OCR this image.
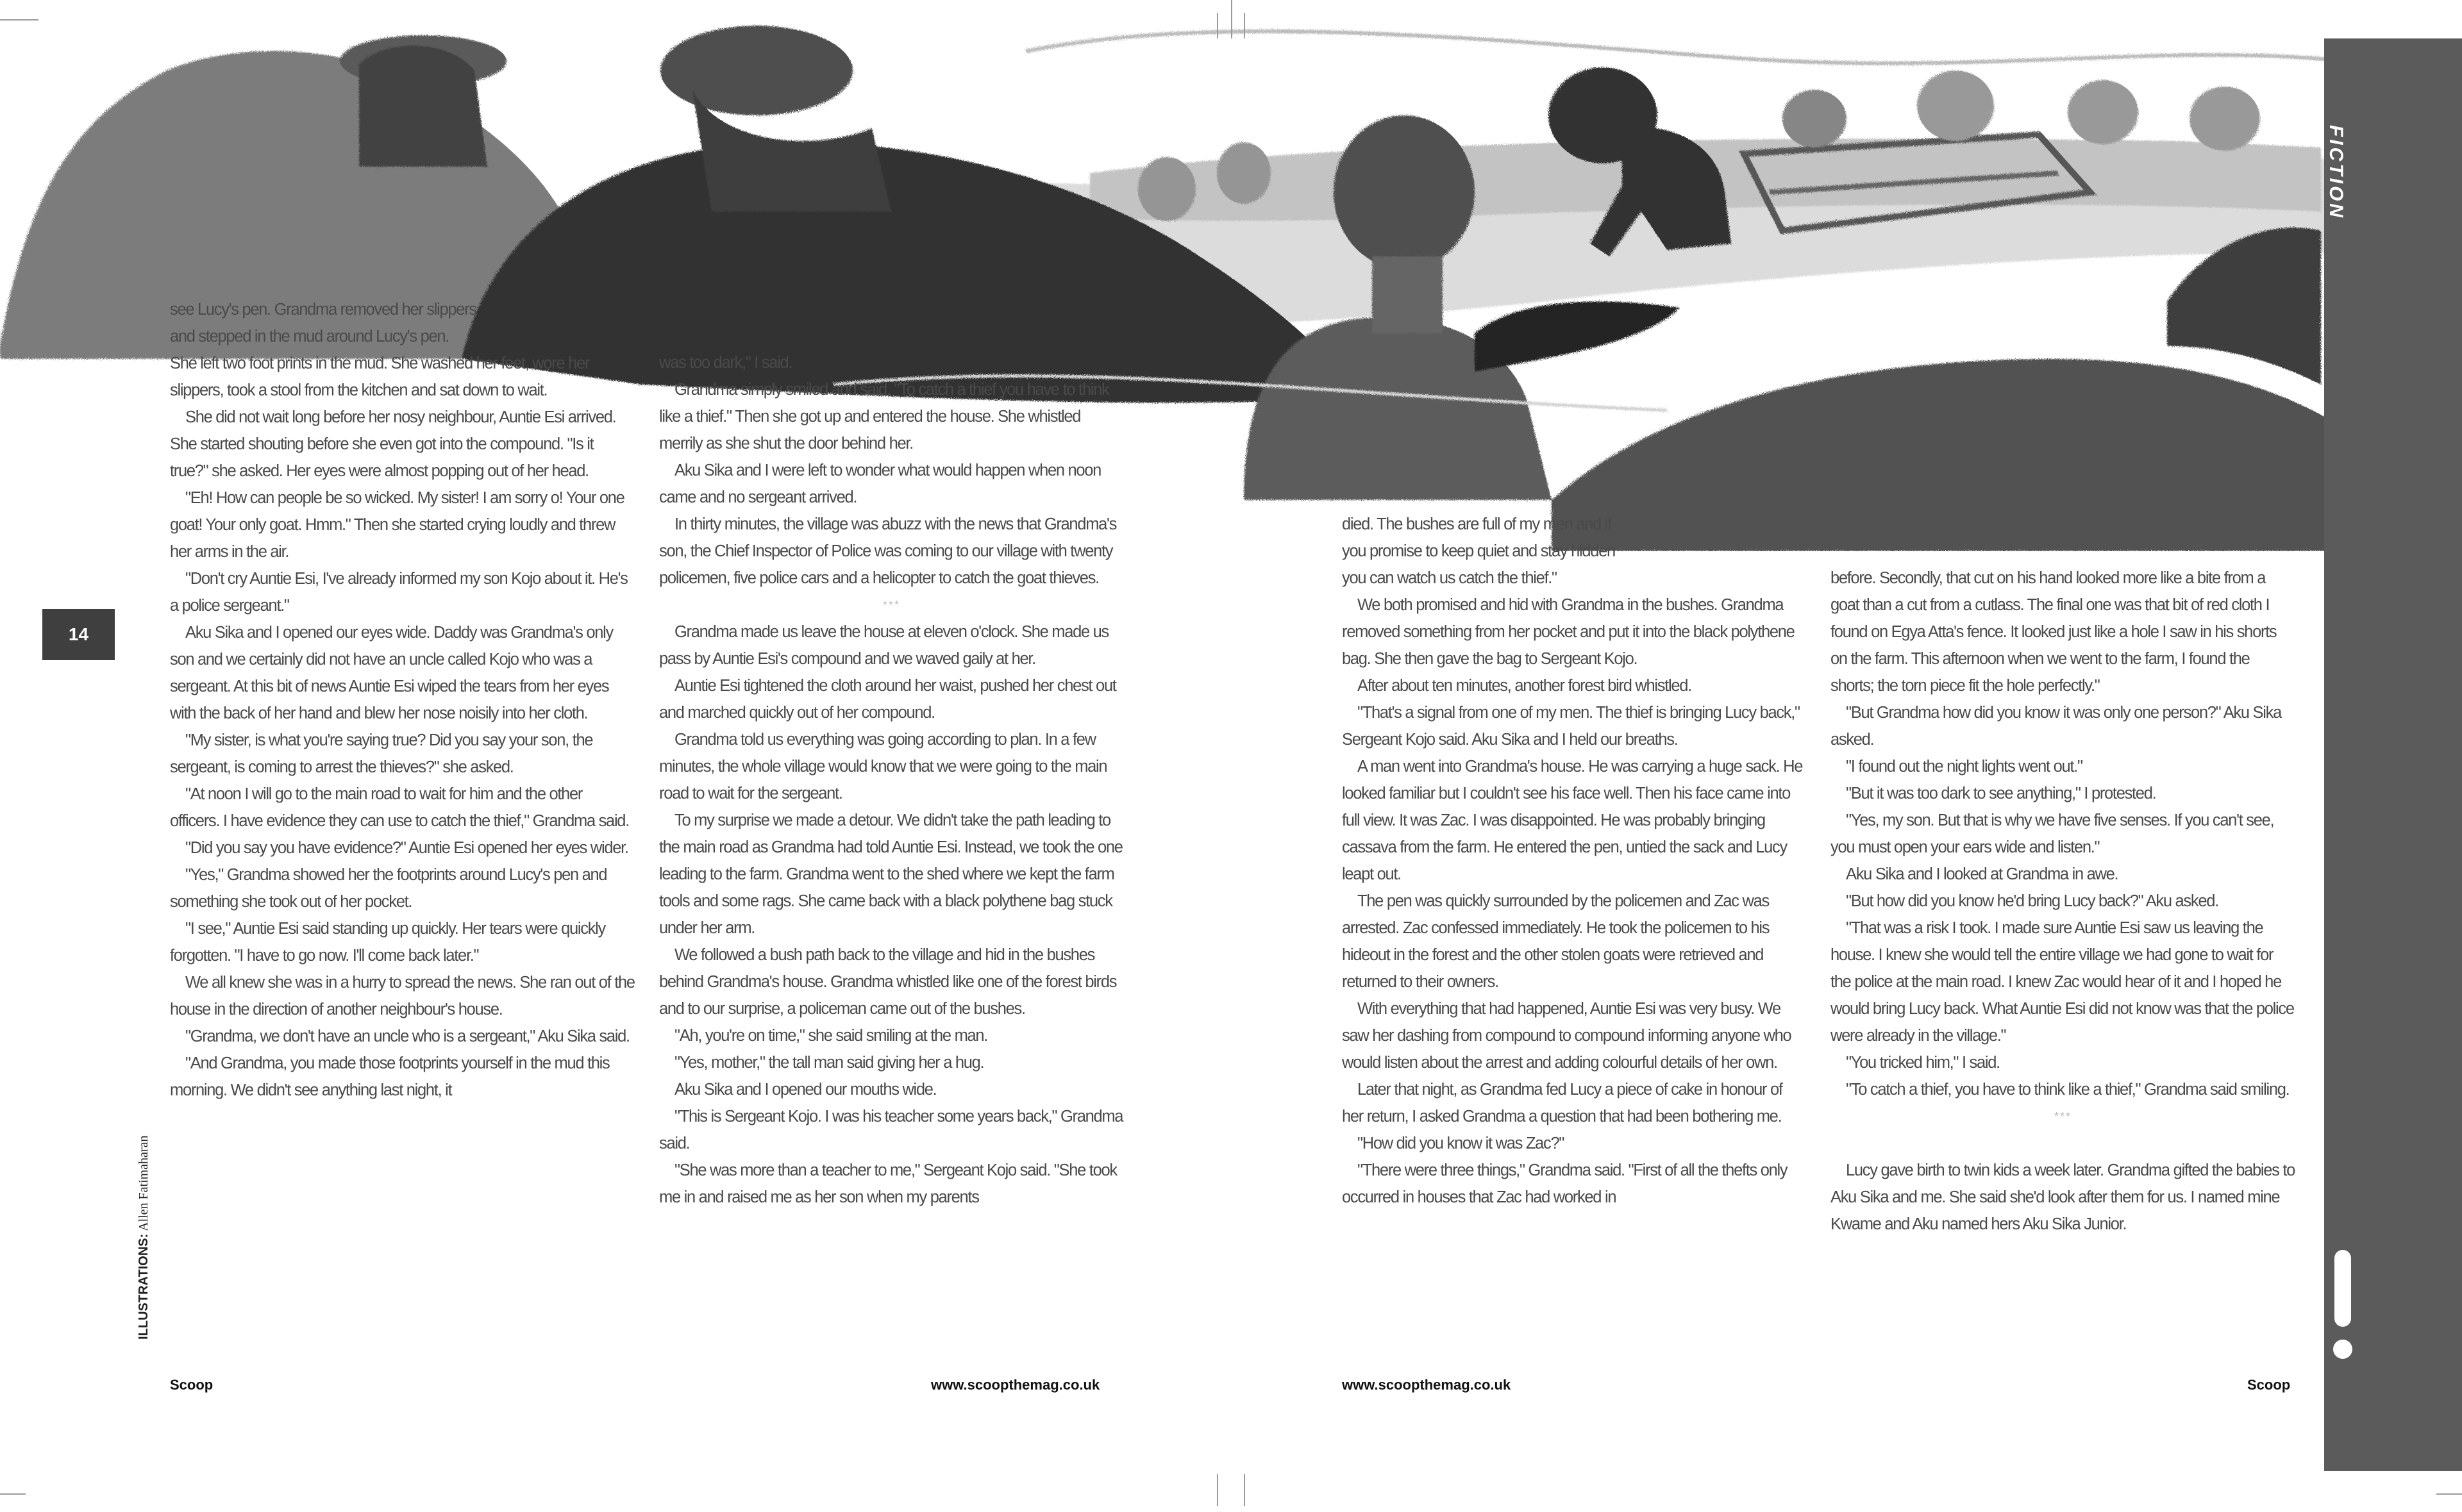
14
ILLUSTRATIONS: Allen Fatimaharan

see Lucy's pen. Grandma removed her slippers

and stepped in the mud around Lucy's pen.

She left two foot prints in the mud. She washed her feet, wore her slippers, took a stool from the kitchen and sat down to wait.

She did not wait long before her nosy neighbour, Auntie Esi arrived. She started shouting before she even got into the compound. "Is it true?" she asked. Her eyes were almost popping out of her head.

"Eh! How can people be so wicked. My sister! I am sorry o! Your one goat! Your only goat. Hmm." Then she started crying loudly and threw her arms in the air.

"Don't cry Auntie Esi, I've already informed my son Kojo about it. He's a police sergeant."

Aku Sika and I opened our eyes wide. Daddy was Grandma's only son and we certainly did not have an uncle called Kojo who was a sergeant. At this bit of news Auntie Esi wiped the tears from her eyes with the back of her hand and blew her nose noisily into her cloth.

"My sister, is what you're saying true? Did you say your son, the sergeant, is coming to arrest the thieves?" she asked.

"At noon I will go to the main road to wait for him and the other officers. I have evidence they can use to catch the thief," Grandma said.

"Did you say you have evidence?" Auntie Esi opened her eyes wider.

"Yes," Grandma showed her the footprints around Lucy's pen and something she took out of her pocket.

"I see," Auntie Esi said standing up quickly. Her tears were quickly forgotten. "I have to go now. I'll come back later."

We all knew she was in a hurry to spread the news. She ran out of the house in the direction of another neighbour's house.

"Grandma, we don't have an uncle who is a sergeant," Aku Sika said.

"And Grandma, you made those footprints yourself in the mud this morning. We didn't see anything last night, it

was too dark," I said.

Grandma simply smiled and said, "To catch a thief you have to think like a thief." Then she got up and entered the house. She whistled merrily as she shut the door behind her.

Aku Sika and I were left to wonder what would happen when noon came and no sergeant arrived.

In thirty minutes, the village was abuzz with the news that Grandma's son, the Chief Inspector of Police was coming to our village with twenty policemen, five police cars and a helicopter to catch the goat thieves.

***

Grandma made us leave the house at eleven o'clock. She made us pass by Auntie Esi's compound and we waved gaily at her.

Auntie Esi tightened the cloth around her waist, pushed her chest out and marched quickly out of her compound.

Grandma told us everything was going according to plan. In a few minutes, the whole village would know that we were going to the main road to wait for the sergeant.

To my surprise we made a detour. We didn't take the path leading to the main road as Grandma had told Auntie Esi. Instead, we took the one leading to the farm. Grandma went to the shed where we kept the farm tools and some rags. She came back with a black polythene bag stuck under her arm.

We followed a bush path back to the village and hid in the bushes behind Grandma's house. Grandma whistled like one of the forest birds and to our surprise, a policeman came out of the bushes.

"Ah, you're on time," she said smiling at the man.

"Yes, mother," the tall man said giving her a hug.

Aku Sika and I opened our mouths wide.

"This is Sergeant Kojo. I was his teacher some years back," Grandma said.

"She was more than a teacher to me," Sergeant Kojo said. "She took me in and raised me as her son when my parents

Scoop	www.scoopthemag.co.uk
FICTION

died. The bushes are full of my men and if

you promise to keep quiet and stay hidden

you can watch us catch the thief."

We both promised and hid with Grandma in the bushes. Grandma removed something from her pocket and put it into the black polythene bag. She then gave the bag to Sergeant Kojo.

After about ten minutes, another forest bird whistled.

"That's a signal from one of my men. The thief is bringing Lucy back," Sergeant Kojo said. Aku Sika and I held our breaths.

A man went into Grandma's house. He was carrying a huge sack. He looked familiar but I couldn't see his face well. Then his face came into full view. It was Zac. I was disappointed. He was probably bringing cassava from the farm. He entered the pen, untied the sack and Lucy leapt out.

The pen was quickly surrounded by the policemen and Zac was arrested. Zac confessed immediately. He took the policemen to his hideout in the forest and the other stolen goats were retrieved and returned to their owners.

With everything that had happened, Auntie Esi was very busy. We saw her dashing from compound to compound informing anyone who would listen about the arrest and adding colourful details of her own.

Later that night, as Grandma fed Lucy a piece of cake in honour of her return, I asked Grandma a question that had been bothering me.

"How did you know it was Zac?"

"There were three things," Grandma said. "First of all the thefts only occurred in houses that Zac had worked in

before. Secondly, that cut on his hand looked more like a bite from a goat than a cut from a cutlass. The final one was that bit of red cloth I found on Egya Atta's fence. It looked just like a hole I saw in his shorts on the farm. This afternoon when we went to the farm, I found the shorts; the torn piece fit the hole perfectly."

"But Grandma how did you know it was only one person?" Aku Sika asked.

"I found out the night lights went out."

"But it was too dark to see anything," I protested.

"Yes, my son. But that is why we have five senses. If you can't see, you must open your ears wide and listen."

Aku Sika and I looked at Grandma in awe.

"But how did you know he'd bring Lucy back?" Aku asked.

"That was a risk I took. I made sure Auntie Esi saw us leaving the house. I knew she would tell the entire village we had gone to wait for the police at the main road. I knew Zac would hear of it and I hoped he would bring Lucy back. What Auntie Esi did not know was that the police were already in the village."

"You tricked him," I said.

"To catch a thief, you have to think like a thief," Grandma said smiling.

***

Lucy gave birth to twin kids a week later. Grandma gifted the babies to Aku Sika and me. She said she'd look after them for us. I named mine Kwame and Aku named hers Aku Sika Junior.

www.scoopthemag.co.uk	Scoop
